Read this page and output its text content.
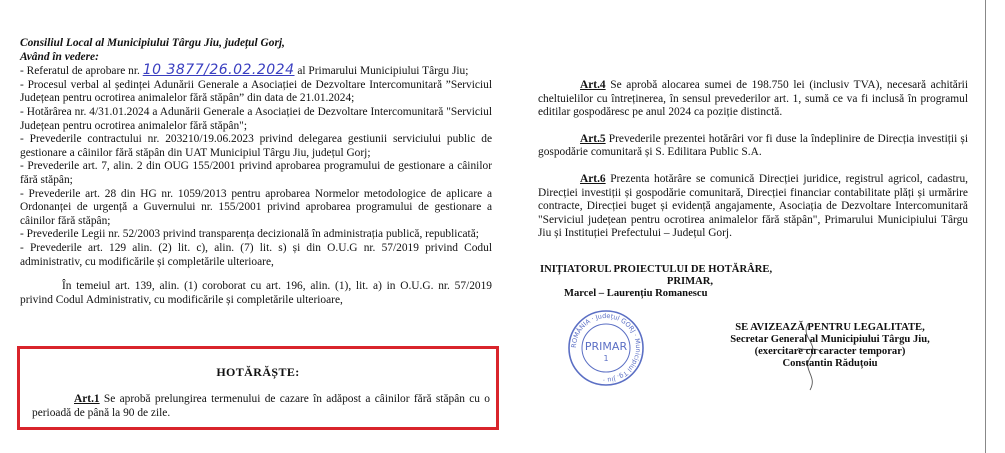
Consiliul Local al Municipiului Târgu Jiu, județul Gorj,

Având în vedere:

- Referatul de aprobare nr. 10 3877/26.02.2024 al Primarului Municipiului Târgu Jiu;

- Procesul verbal al ședinței Adunării Generale a Asociației de Dezvoltare Intercomunitară ”Serviciul Județean pentru ocrotirea animalelor fără stăpân” din data de 21.01.2024;

- Hotărârea nr. 4/31.01.2024 a Adunării Generale a Asociației de Dezvoltare Intercomunitară "Serviciul Județean pentru ocrotirea animalelor fără stăpân";

- Prevederile contractului nr. 203210/19.06.2023 privind delegarea gestiunii serviciului public de gestionare a câinilor fără stăpân din UAT Municipiul Târgu Jiu, județul Gorj;

- Prevederile art. 7, alin. 2 din OUG 155/2001 privind aprobarea programului de gestionare a câinilor fără stăpân;

- Prevederile art. 28 din HG nr. 1059/2013 pentru aprobarea Normelor metodologice de aplicare a Ordonanței de urgență a Guvernului nr. 155/2001 privind aprobarea programului de gestionare a câinilor fără stăpân;

- Prevederile Legii nr. 52/2003 privind transparența decizională în administrația publică, republicată;

- Prevederile art. 129 alin. (2) lit. c), alin. (7) lit. s) și din O.U.G nr. 57/2019 privind Codul administrativ, cu modificările și completările ulterioare,

În temeiul art. 139, alin. (1) coroborat cu art. 196, alin. (1), lit. a) in O.U.G. nr. 57/2019 privind Codul Administrativ, cu modificările și completările ulterioare,

HOTĂRĂȘTE:

Art.1 Se aprobă prelungirea termenului de cazare în adăpost a câinilor fără stăpân cu o perioadă de până la 90 de zile.

Art.4 Se aprobă alocarea sumei de 198.750 lei (inclusiv TVA), necesară achitării cheltuielilor cu întreținerea, în sensul prevederilor art. 1, sumă ce va fi inclusă în programul editilar gospodăresc pe anul 2024 ca poziție distinctă.

Art.5 Prevederile prezentei hotărâri vor fi duse la îndeplinire de Direcția investiții și gospodărie comunitară și S. Edilitara Public S.A.

Art.6 Prezenta hotărâre se comunică Direcției juridice, registrul agricol, cadastru, Direcției investiții și gospodărie comunitară, Direcției financiar contabilitate plăți și urmărire contracte, Direcției buget și evidență angajamente, Asociația de Dezvoltare Intercomunitară "Serviciul județean pentru ocrotirea animalelor fără stăpân", Primarului Municipiului Târgu Jiu și Instituției Prefectului – Județul Gorj.

INIȚIATORUL PROIECTULUI DE HOTĂRÂRE,
PRIMAR,
Marcel – Laurențiu Romanescu
ROMÂNIA · Județul GORJ · Municipiul Tg. Jiu ·
PRIMAR
1
SE AVIZEAZĂ PENTRU LEGALITATE,
Secretar General al Municipiului Târgu Jiu,
(exercitare cu caracter temporar)
Constantin Răduțoiu
